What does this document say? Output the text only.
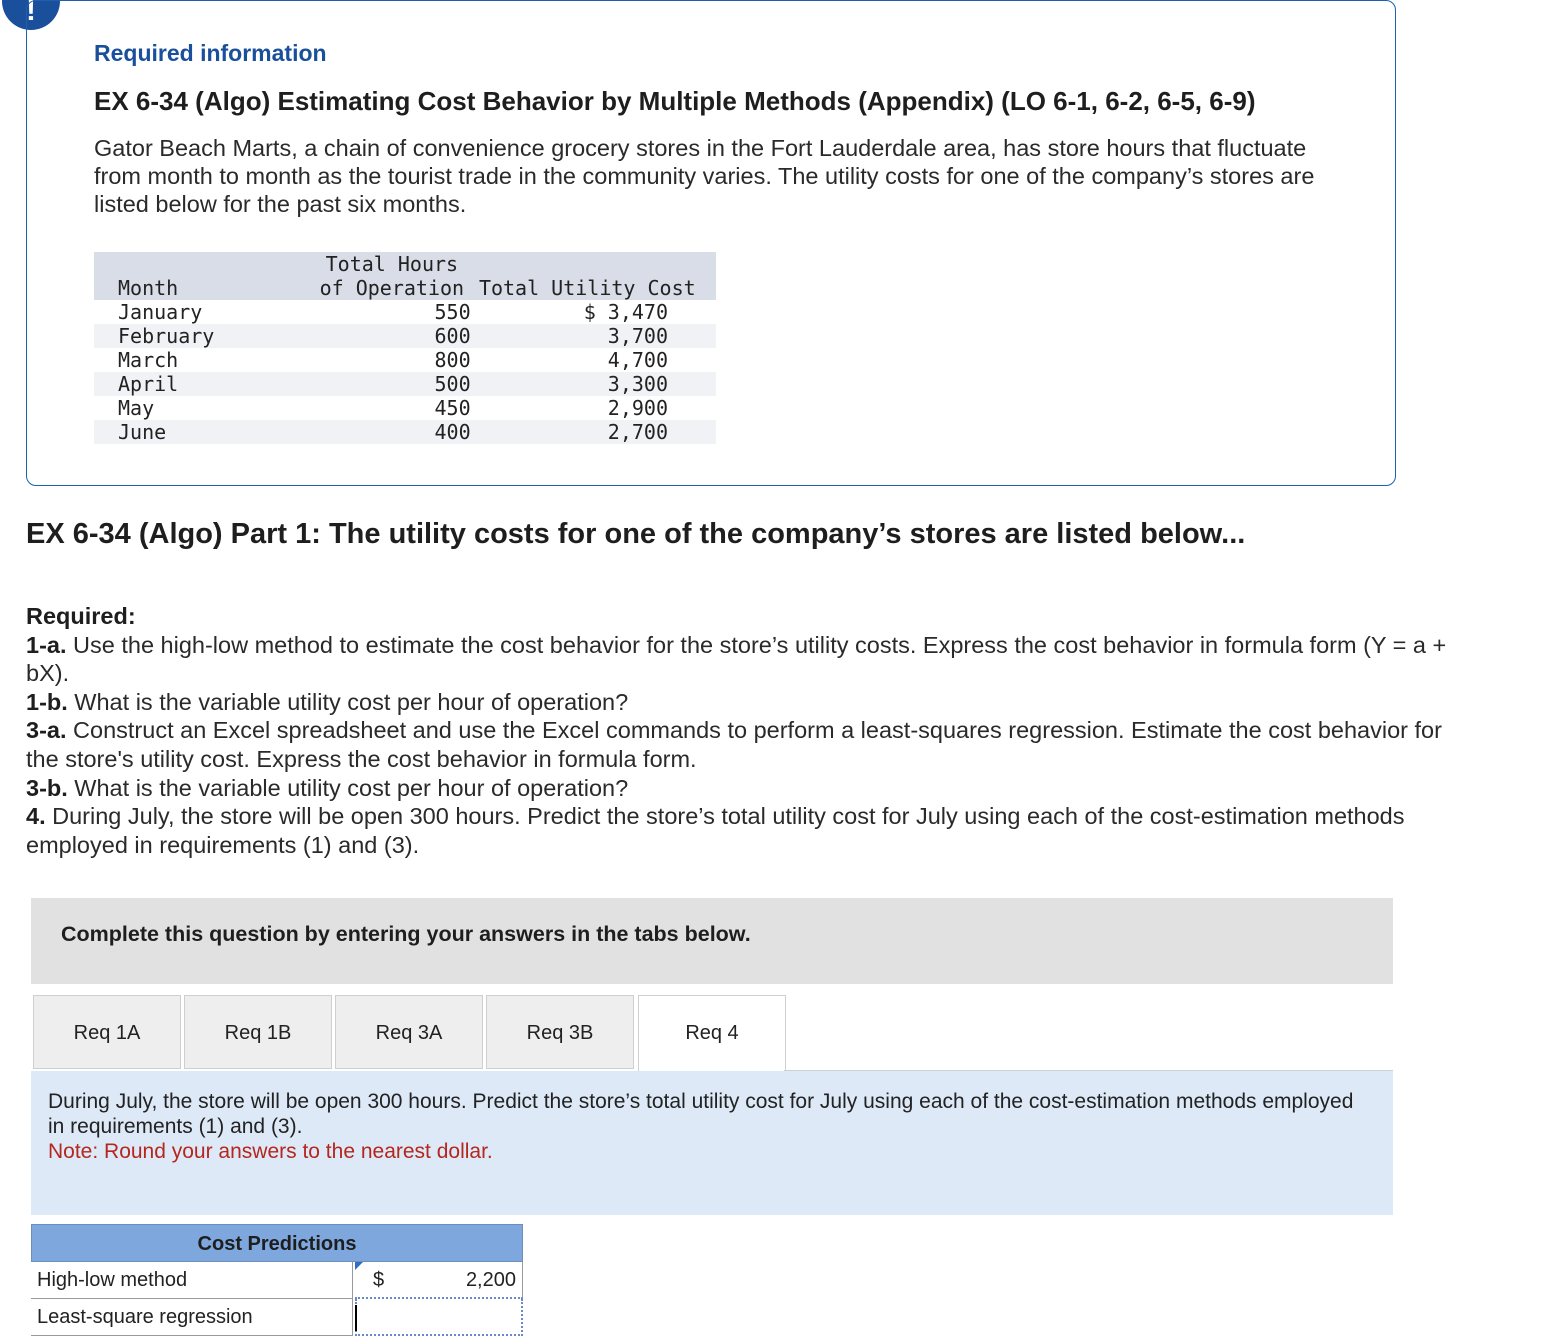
!
Required information
EX 6-34 (Algo) Estimating Cost Behavior by Multiple Methods (Appendix) (LO 6-1, 6-2, 6-5, 6-9)
Gator Beach Marts, a chain of convenience grocery stores in the Fort Lauderdale area, has store hours that fluctuate from month to month as the tourist trade in the community varies. The utility costs for one of the company’s stores are listed below for the past six months.
Month	Total Hours of Operation	Total Utility Cost
January	550	$ 3,470
February	600	3,700
March	800	4,700
April	500	3,300
May	450	2,900
June	400	2,700
EX 6-34 (Algo) Part 1: The utility costs for one of the company’s stores are listed below...
Required:
1-a. Use the high-low method to estimate the cost behavior for the store’s utility costs. Express the cost behavior in formula form (Y = a + bX).
1-b. What is the variable utility cost per hour of operation?
3-a. Construct an Excel spreadsheet and use the Excel commands to perform a least-squares regression. Estimate the cost behavior for the store's utility cost. Express the cost behavior in formula form.
3-b. What is the variable utility cost per hour of operation?
4. During July, the store will be open 300 hours. Predict the store’s total utility cost for July using each of the cost-estimation methods employed in requirements (1) and (3).
Complete this question by entering your answers in the tabs below.
Req 1A	Req 1B	Req 3A	Req 3B	Req 4
During July, the store will be open 300 hours. Predict the store’s total utility cost for July using each of the cost-estimation methods employed in requirements (1) and (3).
Note: Round your answers to the nearest dollar.
Cost Predictions
High-low method	$	2,200
Least-square regression
